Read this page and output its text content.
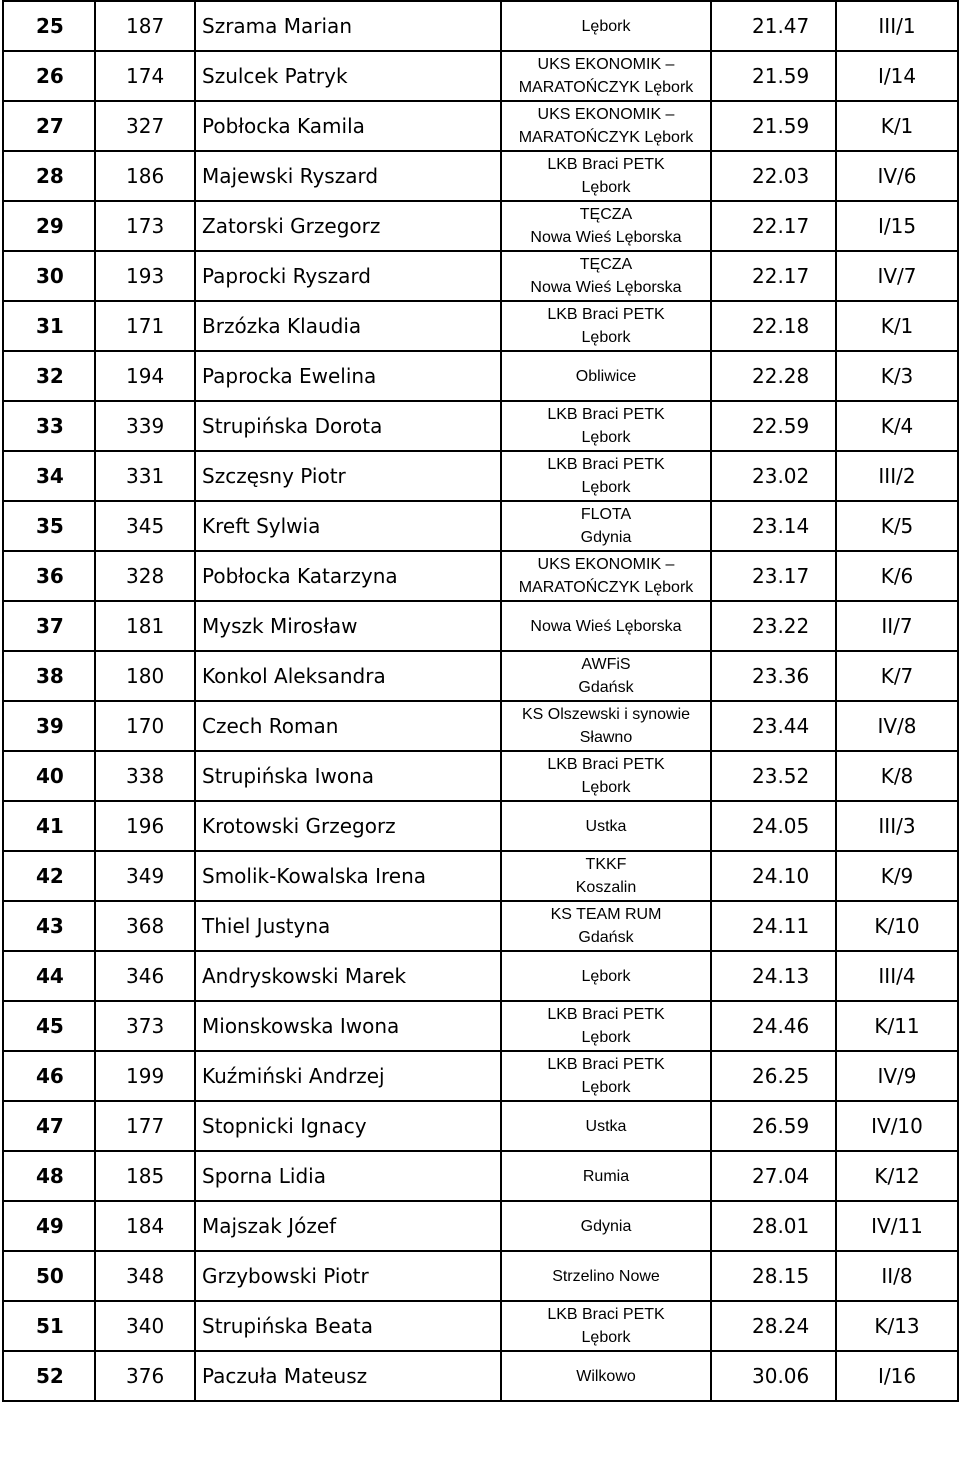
25	187	Szrama Marian	Lębork	21.47	III/1
26	174	Szulcek Patryk	UKS EKONOMIK –
MARATOŃCZYK Lębork	21.59	I/14
27	327	Pobłocka Kamila	UKS EKONOMIK –
MARATOŃCZYK Lębork	21.59	K/1
28	186	Majewski Ryszard	LKB Braci PETK
Lębork	22.03	IV/6
29	173	Zatorski Grzegorz	TĘCZA
Nowa Wieś Lęborska	22.17	I/15
30	193	Paprocki Ryszard	TĘCZA
Nowa Wieś Lęborska	22.17	IV/7
31	171	Brzózka Klaudia	LKB Braci PETK
Lębork	22.18	K/1
32	194	Paprocka Ewelina	Obliwice	22.28	K/3
33	339	Strupińska Dorota	LKB Braci PETK
Lębork	22.59	K/4
34	331	Szczęsny Piotr	LKB Braci PETK
Lębork	23.02	III/2
35	345	Kreft Sylwia	FLOTA
Gdynia	23.14	K/5
36	328	Pobłocka Katarzyna	UKS EKONOMIK –
MARATOŃCZYK Lębork	23.17	K/6
37	181	Myszk Mirosław	Nowa Wieś Lęborska	23.22	II/7
38	180	Konkol Aleksandra	AWFiS
Gdańsk	23.36	K/7
39	170	Czech Roman	KS Olszewski i synowie
Sławno	23.44	IV/8
40	338	Strupińska Iwona	LKB Braci PETK
Lębork	23.52	K/8
41	196	Krotowski Grzegorz	Ustka	24.05	III/3
42	349	Smolik-Kowalska Irena	TKKF
Koszalin	24.10	K/9
43	368	Thiel Justyna	KS TEAM RUM
Gdańsk	24.11	K/10
44	346	Andryskowski Marek	Lębork	24.13	III/4
45	373	Mionskowska Iwona	LKB Braci PETK
Lębork	24.46	K/11
46	199	Kuźmiński Andrzej	LKB Braci PETK
Lębork	26.25	IV/9
47	177	Stopnicki Ignacy	Ustka	26.59	IV/10
48	185	Sporna Lidia	Rumia	27.04	K/12
49	184	Majszak Józef	Gdynia	28.01	IV/11
50	348	Grzybowski Piotr	Strzelino Nowe	28.15	II/8
51	340	Strupińska Beata	LKB Braci PETK
Lębork	28.24	K/13
52	376	Paczuła Mateusz	Wilkowo	30.06	I/16
